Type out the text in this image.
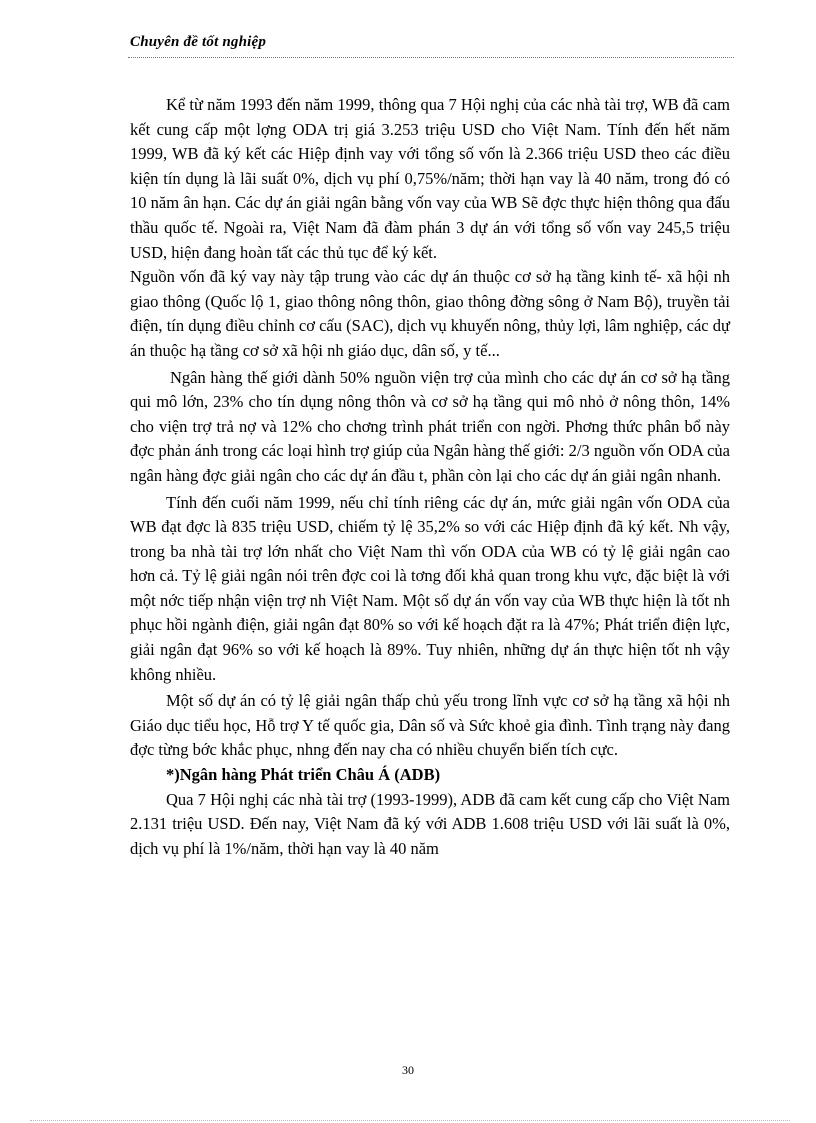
Chuyên đề tốt nghiệp

Kể từ năm 1993 đến năm 1999, thông qua 7 Hội nghị của các nhà tài trợ, WB đã cam kết cung cấp một lợng ODA trị giá 3.253 triệu USD cho Việt Nam. Tính đến hết năm 1999, WB đã ký kết các Hiệp định vay với tổng số vốn là 2.366 triệu USD theo các điều kiện tín dụng là lãi suất 0%, dịch vụ phí 0,75%/năm; thời hạn vay là 40 năm, trong đó có 10 năm ân hạn. Các dự án giải ngân bằng vốn vay của WB Sẽ đợc thực hiện thông qua đấu thầu quốc tế. Ngoài ra, Việt Nam đã đàm phán 3 dự án với tổng số vốn vay 245,5 triệu USD, hiện đang hoàn tất các thủ tục để ký kết.

Nguồn vốn đã ký vay này tập trung vào các dự án thuộc cơ sở hạ tầng kinh tế- xã hội nh giao thông (Quốc lộ 1, giao thông nông thôn, giao thông đờng sông ở Nam Bộ), truyền tải điện, tín dụng điều chỉnh cơ cấu (SAC), dịch vụ khuyến nông, thủy lợi, lâm nghiệp, các dự án thuộc hạ tầng cơ sở xã hội nh giáo dục, dân số, y tế...

Ngân hàng thế giới dành 50% nguồn viện trợ của mình cho các dự án cơ sở hạ tầng qui mô lớn, 23% cho tín dụng nông thôn và cơ sở hạ tầng qui mô nhỏ ở nông thôn, 14% cho viện trợ trả nợ và 12% cho chơng trình phát triển con ngời. Phơng thức phân bổ này đợc phản ánh trong các loại hình trợ giúp của Ngân hàng thế giới: 2/3 nguồn vốn ODA của ngân hàng đợc giải ngân cho các dự án đầu t, phần còn lại cho các dự án giải ngân nhanh.

Tính đến cuối năm 1999, nếu chỉ tính riêng các dự án, mức giải ngân vốn ODA của WB đạt đợc là 835 triệu USD, chiếm tỷ lệ 35,2% so với các Hiệp định đã ký kết. Nh vậy, trong ba nhà tài trợ lớn nhất cho Việt Nam thì vốn ODA của WB có tỷ lệ giải ngân cao hơn cả. Tỷ lệ giải ngân nói trên đợc coi là tơng đối khả quan trong khu vực, đặc biệt là với một nớc tiếp nhận viện trợ nh Việt Nam. Một số dự án vốn vay của WB thực hiện là tốt nh phục hồi ngành điện, giải ngân đạt 80% so với kế hoạch đặt ra là 47%; Phát triển điện lực, giải ngân đạt 96% so với kế hoạch là 89%. Tuy nhiên, những dự án thực hiện tốt nh vậy không nhiều.

Một số dự án có tỷ lệ giải ngân thấp chủ yếu trong lĩnh vực cơ sở hạ tầng xã hội nh Giáo dục tiểu học, Hỗ trợ Y tế quốc gia, Dân số và Sức khoẻ gia đình. Tình trạng này đang đợc từng bớc khắc phục, nhng đến nay cha có nhiều chuyển biến tích cực.

*)Ngân hàng Phát triển Châu Á (ADB)

Qua 7 Hội nghị các nhà tài trợ (1993-1999), ADB đã cam kết cung cấp cho Việt Nam 2.131 triệu USD. Đến nay, Việt Nam đã ký với ADB 1.608 triệu USD với lãi suất là 0%, dịch vụ phí là 1%/năm, thời hạn vay là 40 năm

30
